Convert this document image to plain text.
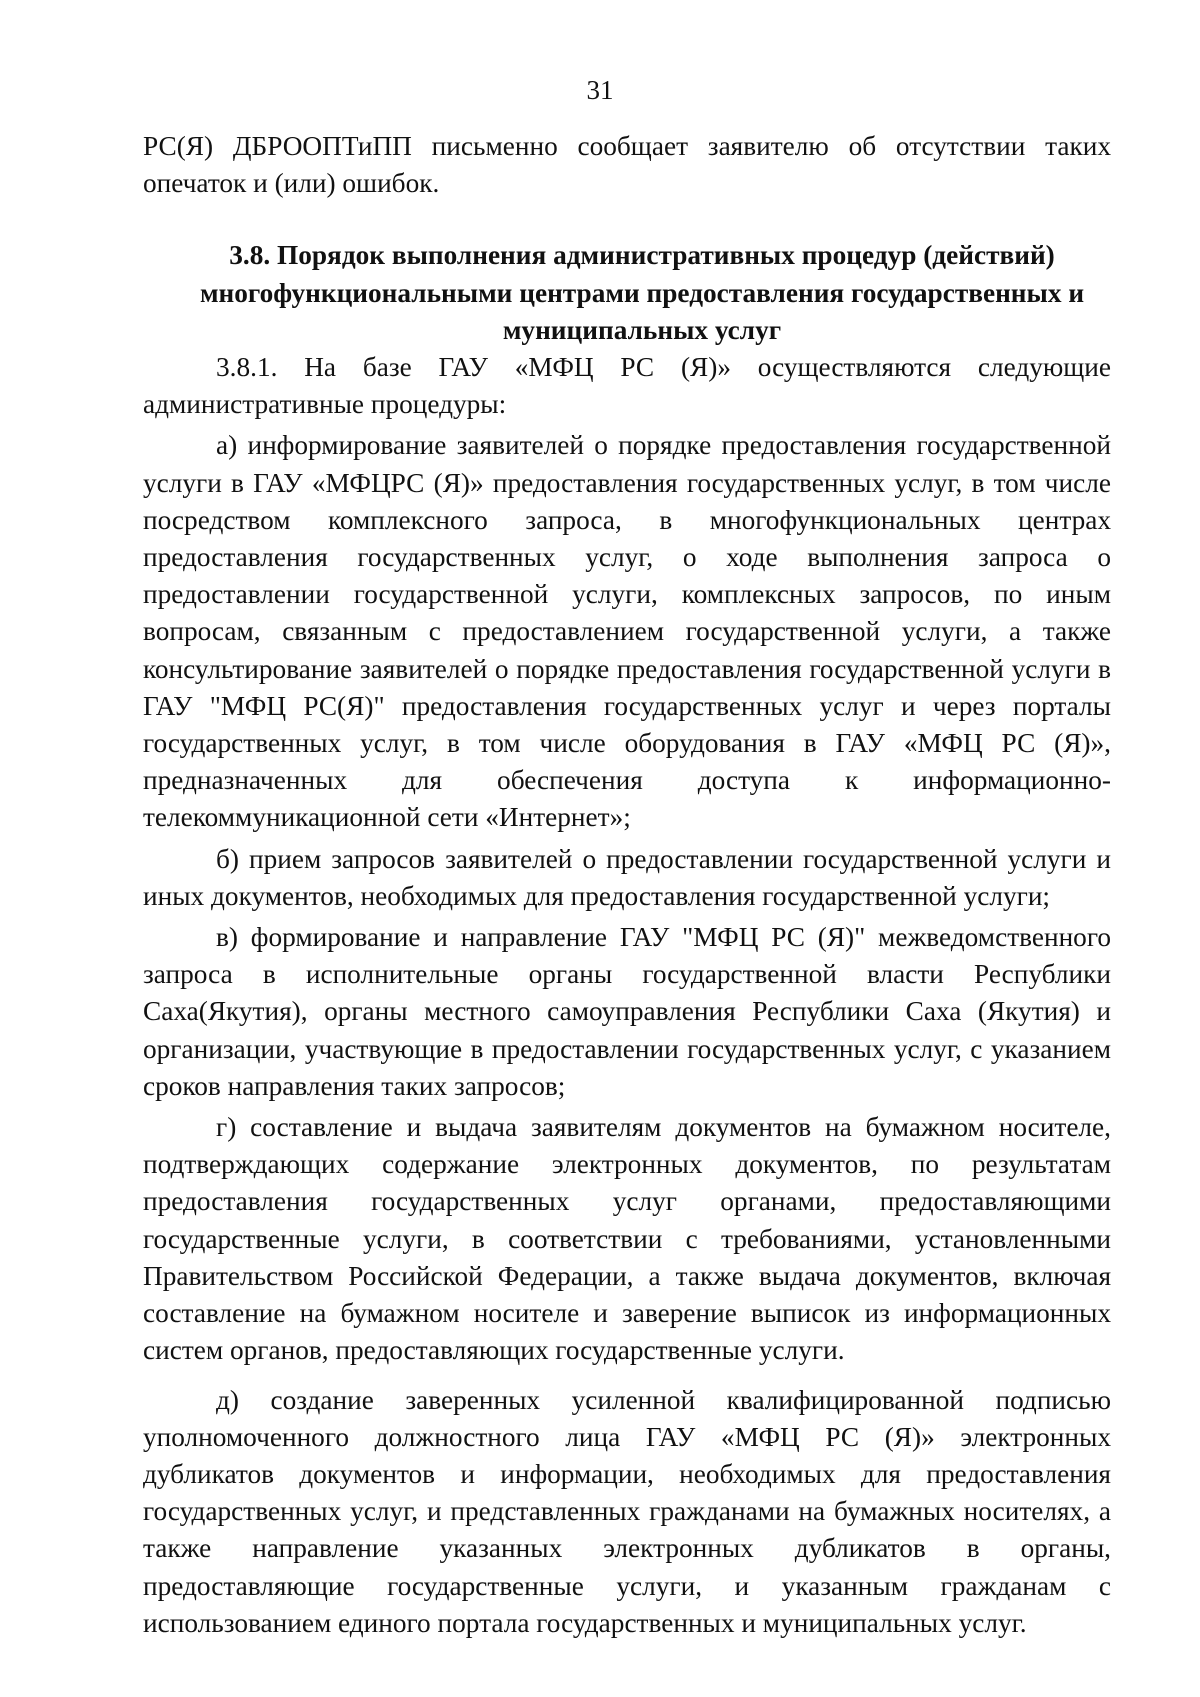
31

РС(Я) ДБРООПТиПП письменно сообщает заявителю об отсутствии таких опечаток и (или) ошибок.

3.8. Порядок выполнения административных процедур (действий) многофункциональными центрами предоставления государственных и муниципальных услуг

3.8.1. На базе ГАУ «МФЦ РС (Я)» осуществляются следующие административные процедуры:

а) информирование заявителей о порядке предоставления государственной услуги в ГАУ «МФЦРС (Я)» предоставления государственных услуг, в том числе посредством комплексного запроса, в многофункциональных центрах предоставления государственных услуг, о ходе выполнения запроса о предоставлении государственной услуги, комплексных запросов, по иным вопросам, связанным с предоставлением государственной услуги, а также консультирование заявителей о порядке предоставления государственной услуги в ГАУ "МФЦ РС(Я)" предоставления государственных услуг и через порталы государственных услуг, в том числе оборудования в ГАУ «МФЦ РС (Я)», предназначенных для обеспечения доступа к информационно-телекоммуникационной сети «Интернет»;

б) прием запросов заявителей о предоставлении государственной услуги и иных документов, необходимых для предоставления государственной услуги;

в) формирование и направление ГАУ "МФЦ РС (Я)" межведомственного запроса в исполнительные органы государственной власти Республики Саха(Якутия), органы местного самоуправления Республики Саха (Якутия) и организации, участвующие в предоставлении государственных услуг, с указанием сроков направления таких запросов;

г) составление и выдача заявителям документов на бумажном носителе, подтверждающих содержание электронных документов, по результатам предоставления государственных услуг органами, предоставляющими государственные услуги, в соответствии с требованиями, установленными Правительством Российской Федерации, а также выдача документов, включая составление на бумажном носителе и заверение выписок из информационных систем органов, предоставляющих государственные услуги.

д) создание заверенных усиленной квалифицированной подписью уполномоченного должностного лица ГАУ «МФЦ РС (Я)» электронных дубликатов документов и информации, необходимых для предоставления государственных услуг, и представленных гражданами на бумажных носителях, а также направление указанных электронных дубликатов в органы, предоставляющие государственные услуги, и указанным гражданам с использованием единого портала государственных и муниципальных услуг.
